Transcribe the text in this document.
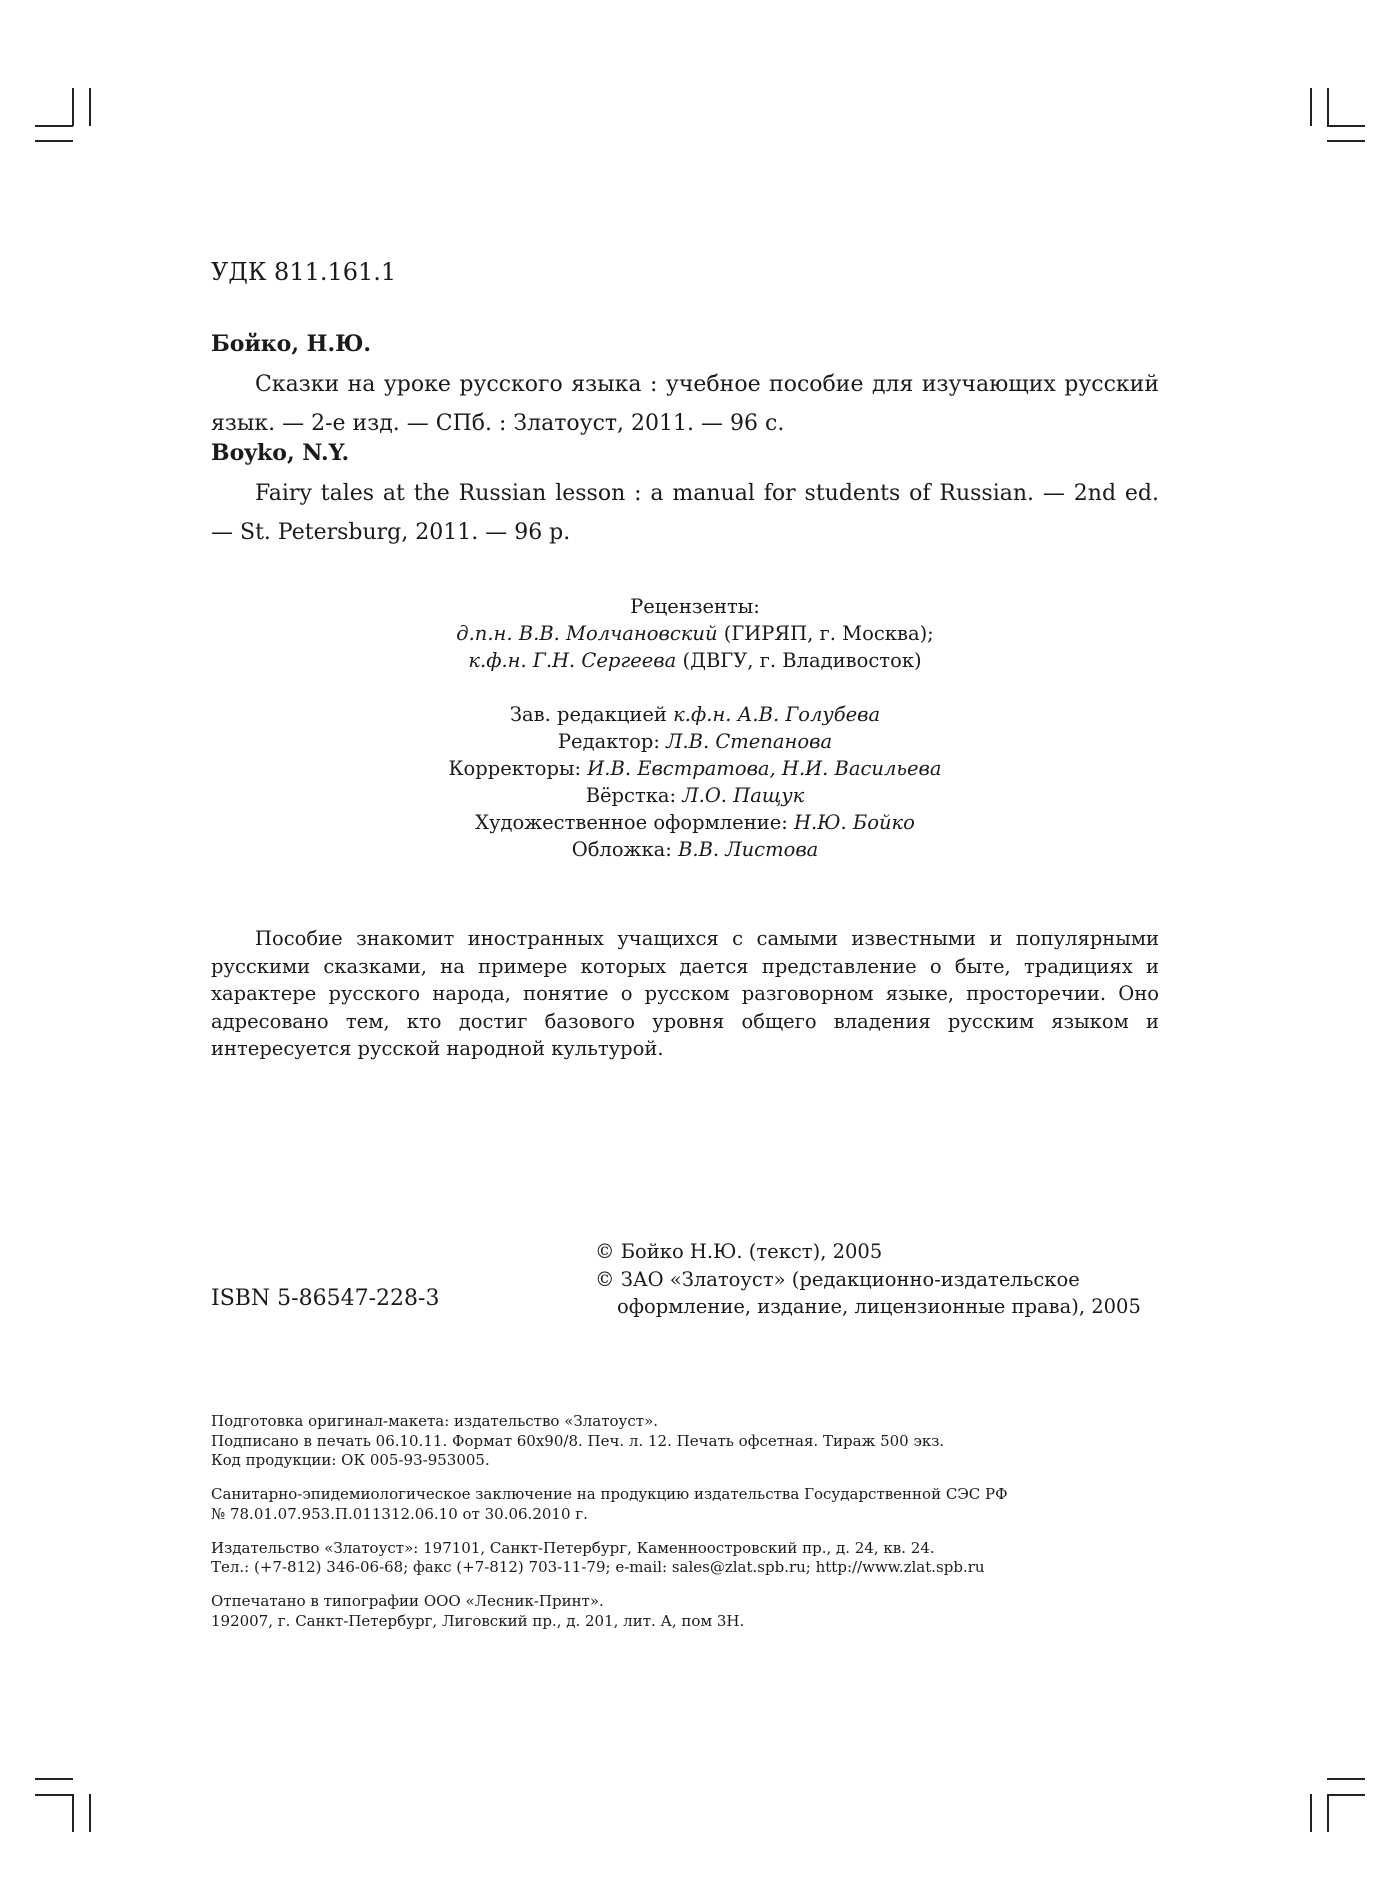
УДК 811.161.1
Бойко, Н.Ю.
Сказки на уроке русского языка : учебное пособие для изучающих русский язык. — 2-е изд. — СПб. : Златоуст, 2011. — 96 с.
Boyko, N.Y.
Fairy tales at the Russian lesson : a manual for students of Russian. — 2nd ed. — St. Petersburg, 2011. — 96 p.
Рецензенты:
д.п.н. В.В. Молчановский (ГИРЯП, г. Москва);
к.ф.н. Г.Н. Сергеева (ДВГУ, г. Владивосток)
Зав. редакцией к.ф.н. А.В. Голубева
Редактор: Л.В. Степанова
Корректоры: И.В. Евстратова, Н.И. Васильева
Вёрстка: Л.О. Пащук
Художественное оформление: Н.Ю. Бойко
Обложка: В.В. Листова
Пособие знакомит иностранных учащихся с самыми известными и популярными русскими сказками, на примере которых дается представление о быте, традициях и характере русского народа, понятие о русском разговорном языке, просторечии. Оно адресовано тем, кто достиг базового уровня общего владения русским языком и интересуется русской народной культурой.
ISBN 5-86547-228-3
© Бойко Н.Ю. (текст), 2005
© ЗАО «Златоуст» (редакционно-издательское оформление, издание, лицензионные права), 2005
Подготовка оригинал-макета: издательство «Златоуст».
Подписано в печать 06.10.11. Формат 60х90/8. Печ. л. 12. Печать офсетная. Тираж 500 экз.
Код продукции: ОК 005-93-953005.
Санитарно-эпидемиологическое заключение на продукцию издательства Государственной СЭС РФ
№ 78.01.07.953.П.011312.06.10 от 30.06.2010 г.
Издательство «Златоуст»: 197101, Санкт-Петербург, Каменноостровский пр., д. 24, кв. 24.
Тел.: (+7-812) 346-06-68; факс (+7-812) 703-11-79; e-mail: sales@zlat.spb.ru; http://www.zlat.spb.ru
Отпечатано в типографии ООО «Лесник-Принт».
192007, г. Санкт-Петербург, Лиговский пр., д. 201, лит. А, пом 3Н.
